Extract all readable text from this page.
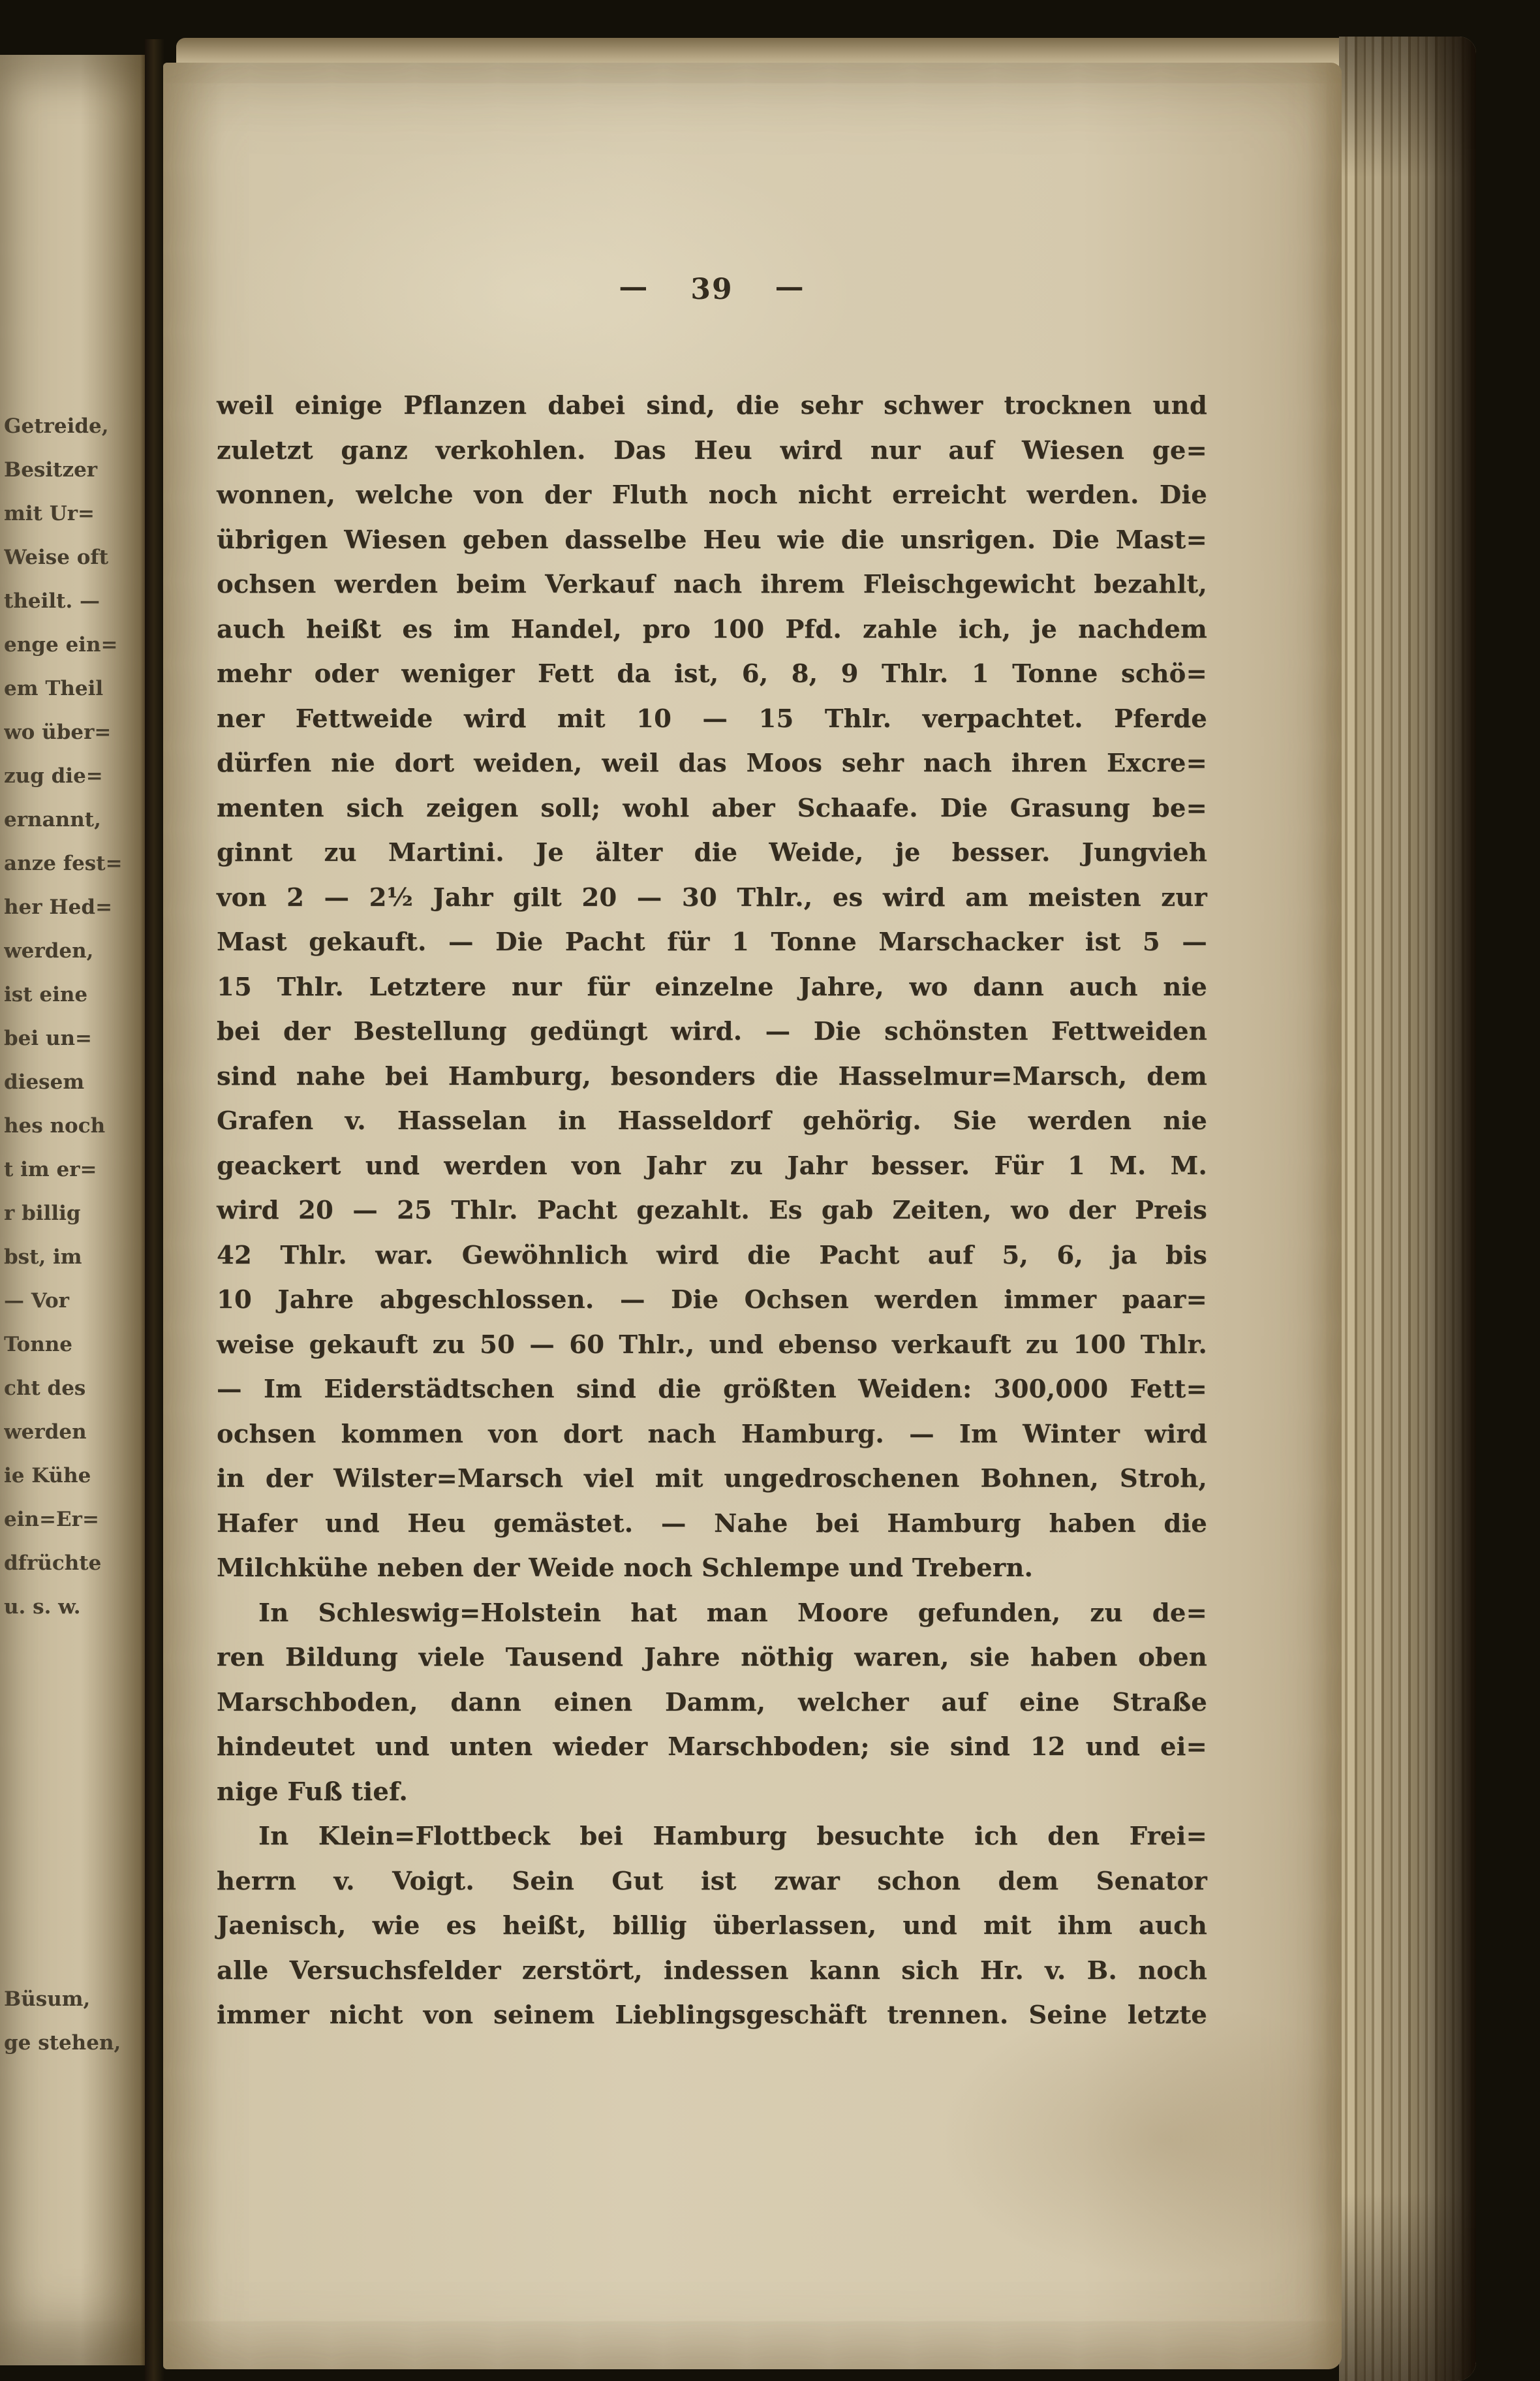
Getreide,
Besitzer
mit Ur=
Weise oft
theilt. —
enge ein=
em Theil
wo über=
zug die=
ernannt,
anze fest=
her Hed=
werden,
ist eine
bei un=
diesem
hes noch
t im er=
r billig
bst, im
— Vor
Tonne
cht des
werden
ie Kühe
ein=Er=
dfrüchte
u. s. w.
Büsum,
ge stehen,
— 39 —
weil einige Pflanzen dabei sind, die sehr schwer trocknen und
zuletzt ganz verkohlen. Das Heu wird nur auf Wiesen ge=
wonnen, welche von der Fluth noch nicht erreicht werden. Die
übrigen Wiesen geben dasselbe Heu wie die unsrigen. Die Mast=
ochsen werden beim Verkauf nach ihrem Fleischgewicht bezahlt,
auch heißt es im Handel, pro 100 Pfd. zahle ich, je nachdem
mehr oder weniger Fett da ist, 6, 8, 9 Thlr. 1 Tonne schö=
ner Fettweide wird mit 10 — 15 Thlr. verpachtet. Pferde
dürfen nie dort weiden, weil das Moos sehr nach ihren Excre=
menten sich zeigen soll; wohl aber Schaafe. Die Grasung be=
ginnt zu Martini. Je älter die Weide, je besser. Jungvieh
von 2 — 2½ Jahr gilt 20 — 30 Thlr., es wird am meisten zur
Mast gekauft. — Die Pacht für 1 Tonne Marschacker ist 5 —
15 Thlr. Letztere nur für einzelne Jahre, wo dann auch nie
bei der Bestellung gedüngt wird. — Die schönsten Fettweiden
sind nahe bei Hamburg, besonders die Hasselmur=Marsch, dem
Grafen v. Hasselan in Hasseldorf gehörig. Sie werden nie
geackert und werden von Jahr zu Jahr besser. Für 1 M. M.
wird 20 — 25 Thlr. Pacht gezahlt. Es gab Zeiten, wo der Preis
42 Thlr. war. Gewöhnlich wird die Pacht auf 5, 6, ja bis
10 Jahre abgeschlossen. — Die Ochsen werden immer paar=
weise gekauft zu 50 — 60 Thlr., und ebenso verkauft zu 100 Thlr.
— Im Eiderstädtschen sind die größten Weiden: 300,000 Fett=
ochsen kommen von dort nach Hamburg. — Im Winter wird
in der Wilster=Marsch viel mit ungedroschenen Bohnen, Stroh,
Hafer und Heu gemästet. — Nahe bei Hamburg haben die
Milchkühe neben der Weide noch Schlempe und Trebern.
In Schleswig=Holstein hat man Moore gefunden, zu de=
ren Bildung viele Tausend Jahre nöthig waren, sie haben oben
Marschboden, dann einen Damm, welcher auf eine Straße
hindeutet und unten wieder Marschboden; sie sind 12 und ei=
nige Fuß tief.
In Klein=Flottbeck bei Hamburg besuchte ich den Frei=
herrn v. Voigt. Sein Gut ist zwar schon dem Senator
Jaenisch, wie es heißt, billig überlassen, und mit ihm auch
alle Versuchsfelder zerstört, indessen kann sich Hr. v. B. noch
immer nicht von seinem Lieblingsgeschäft trennen. Seine letzte
